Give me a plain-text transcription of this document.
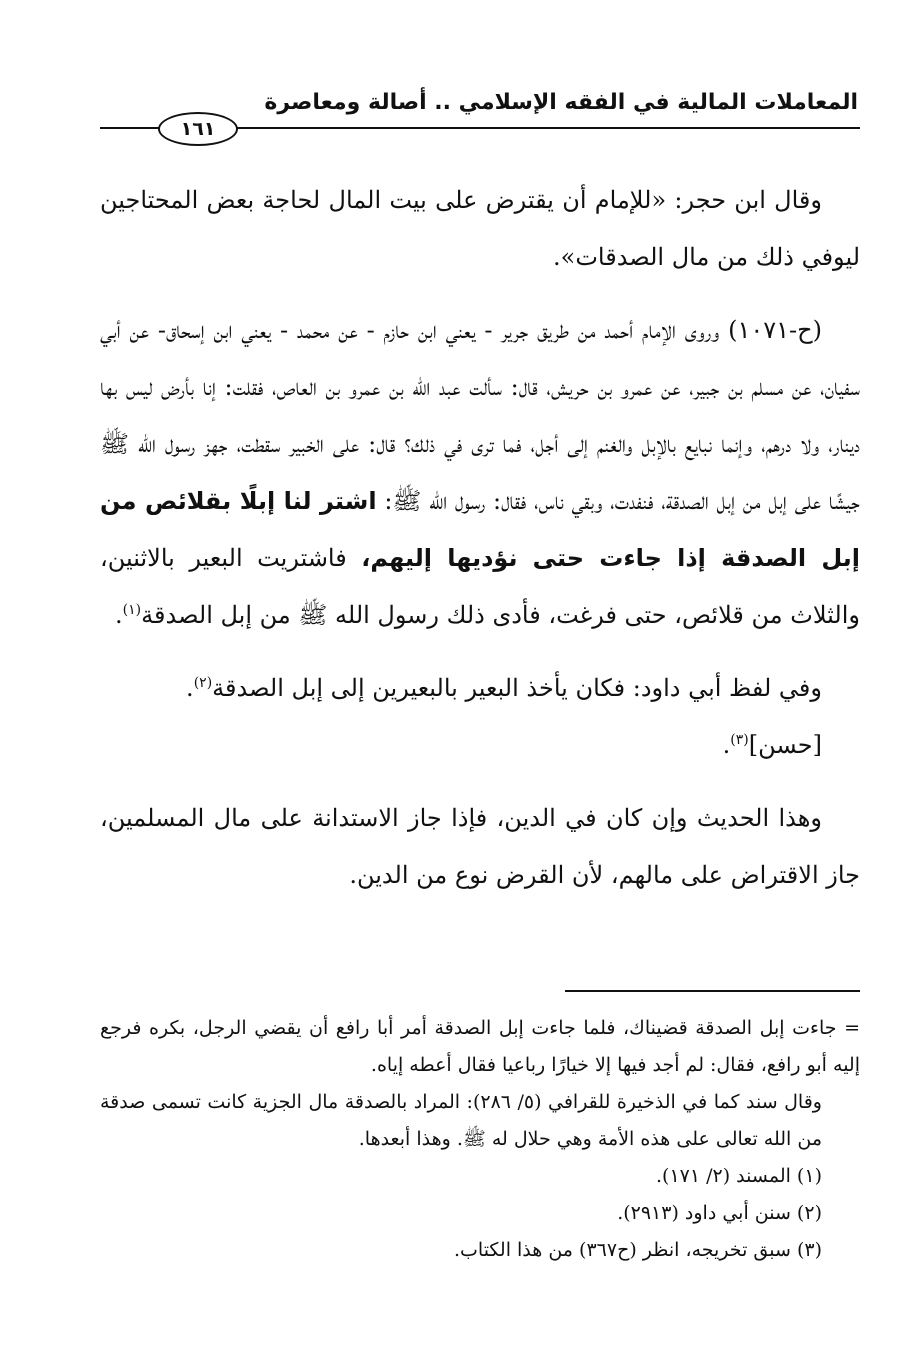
المعاملات المالية في الفقه الإسلامي .. أصالة ومعاصرة
١٦١

وقال ابن حجر: «للإمام أن يقترض على بيت المال لحاجة بعض المحتاجين ليوفي ذلك من مال الصدقات».

(ح-١٠٧١) وروى الإمام أحمد من طريق جرير - يعني ابن حازم - عن محمد - يعني ابن إسحاق- عن أبي سفيان، عن مسلم بن جبير، عن عمرو بن حريش، قال: سألت عبد الله بن عمرو بن العاص، فقلت: إنا بأرض ليس بها دينار، ولا درهم، وإنما نبايع بالإبل والغنم إلى أجل، فما ترى في ذلك؟ قال: على الخبير سقطت، جهز رسول الله ﷺ جيشًا على إبل من إبل الصدقة، فنفدت، وبقي ناس، فقال: رسول الله ﷺ: اشتر لنا إبلًا بقلائص من إبل الصدقة إذا جاءت حتى نؤديها إليهم، فاشتريت البعير بالاثنين، والثلاث من قلائص، حتى فرغت، فأدى ذلك رسول الله ﷺ من إبل الصدقة$^{(١)}$.

وفي لفظ أبي داود: فكان يأخذ البعير بالبعيرين إلى إبل الصدقة$^{(٢)}$.

[حسن]$^{(٣)}$.

وهذا الحديث وإن كان في الدين، فإذا جاز الاستدانة على مال المسلمين، جاز الاقتراض على مالهم، لأن القرض نوع من الدين.

= جاءت إبل الصدقة قضيناك، فلما جاءت إبل الصدقة أمر أبا رافع أن يقضي الرجل، بكره فرجع إليه أبو رافع، فقال: لم أجد فيها إلا خيارًا رباعيا فقال أعطه إياه.

وقال سند كما في الذخيرة للقرافي (٥/ ٢٨٦): المراد بالصدقة مال الجزية كانت تسمى صدقة من الله تعالى على هذه الأمة وهي حلال له ﷺ. وهذا أبعدها.

(١) المسند (٢/ ١٧١).

(٢) سنن أبي داود (٢٩١٣).

(٣) سبق تخريجه، انظر (ح٣٦٧) من هذا الكتاب.
